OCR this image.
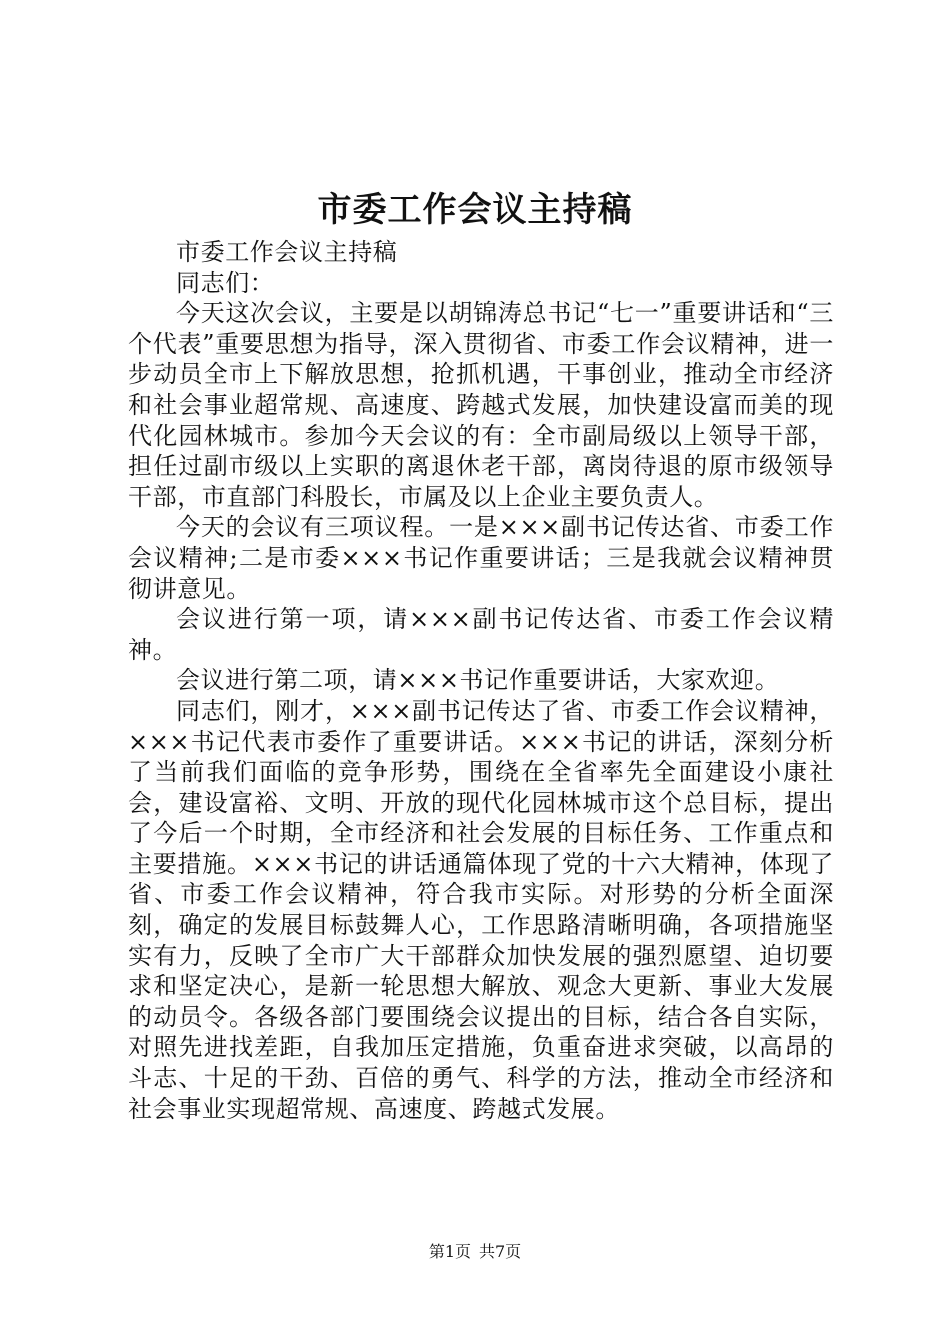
市委工作会议主持稿

市委工作会议主持稿

同志们：

今天这次会议，主要是以胡锦涛总书记“七一”重要讲话和“三个代表”重要思想为指导，深入贯彻省、市委工作会议精神，进一步动员全市上下解放思想，抢抓机遇，干事创业，推动全市经济和社会事业超常规、高速度、跨越式发展，加快建设富而美的现代化园林城市。参加今天会议的有：全市副局级以上领导干部，担任过副市级以上实职的离退休老干部，离岗待退的原市级领导干部，市直部门科股长，市属及以上企业主要负责人。

今天的会议有三项议程。一是×××副书记传达省、市委工作会议精神;二是市委×××书记作重要讲话；三是我就会议精神贯彻讲意见。

会议进行第一项，请×××副书记传达省、市委工作会议精神。

会议进行第二项，请×××书记作重要讲话，大家欢迎。

同志们，刚才，×××副书记传达了省、市委工作会议精神，×××书记代表市委作了重要讲话。×××书记的讲话，深刻分析了当前我们面临的竞争形势，围绕在全省率先全面建设小康社会，建设富裕、文明、开放的现代化园林城市这个总目标，提出了今后一个时期，全市经济和社会发展的目标任务、工作重点和主要措施。×××书记的讲话通篇体现了党的十六大精神，体现了省、市委工作会议精神，符合我市实际。对形势的分析全面深刻，确定的发展目标鼓舞人心，工作思路清晰明确，各项措施坚实有力，反映了全市广大干部群众加快发展的强烈愿望、迫切要求和坚定决心，是新一轮思想大解放、观念大更新、事业大发展的动员令。各级各部门要围绕会议提出的目标，结合各自实际，对照先进找差距，自我加压定措施，负重奋进求突破，以高昂的斗志、十足的干劲、百倍的勇气、科学的方法，推动全市经济和社会事业实现超常规、高速度、跨越式发展。

第1页 共7页
